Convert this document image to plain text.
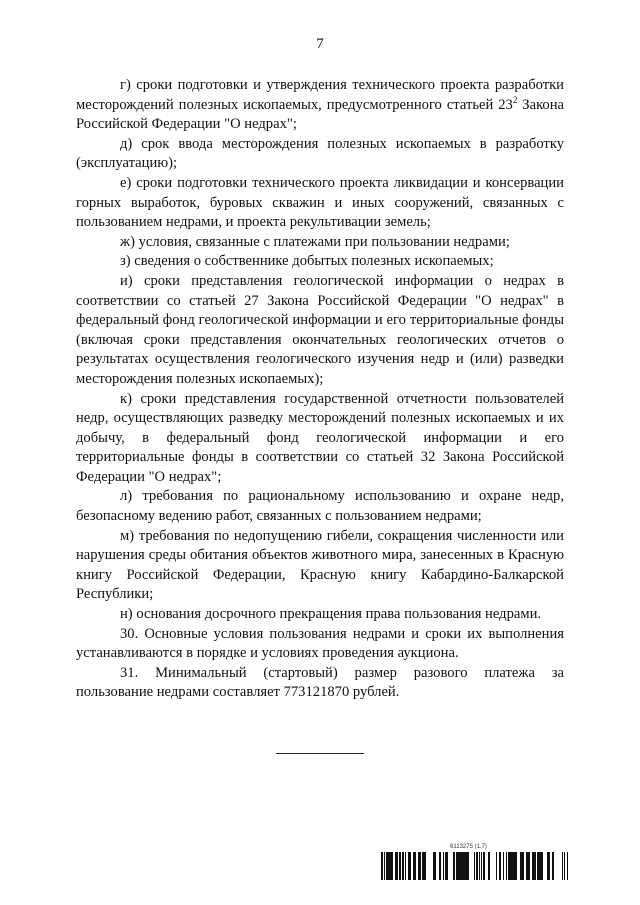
7

г) сроки подготовки и утверждения технического проекта разработки месторождений полезных ископаемых, предусмотренного статьей $23^2$ Закона Российской Федерации "О недрах";

д) срок ввода месторождения полезных ископаемых в разработку (эксплуатацию);

е) сроки подготовки технического проекта ликвидации и консервации горных выработок, буровых скважин и иных сооружений, связанных с пользованием недрами, и проекта рекультивации земель;

ж) условия, связанные с платежами при пользовании недрами;

з) сведения о собственнике добытых полезных ископаемых;

и) сроки представления геологической информации о недрах в соответствии со статьей 27 Закона Российской Федерации "О недрах" в федеральный фонд геологической информации и его территориальные фонды (включая сроки представления окончательных геологических отчетов о результатах осуществления геологического изучения недр и (или) разведки месторождения полезных ископаемых);

к) сроки представления государственной отчетности пользователей недр, осуществляющих разведку месторождений полезных ископаемых и их добычу, в федеральный фонд геологической информации и его территориальные фонды в соответствии со статьей 32 Закона Российской Федерации "О недрах";

л) требования по рациональному использованию и охране недр, безопасному ведению работ, связанных с пользованием недрами;

м) требования по недопущению гибели, сокращения численности или нарушения среды обитания объектов животного мира, занесенных в Красную книгу Российской Федерации, Красную книгу Кабардино-Балкарской Республики;

н) основания досрочного прекращения права пользования недрами.

30. Основные условия пользования недрами и сроки их выполнения устанавливаются в порядке и условиях проведения аукциона.

31. Минимальный (стартовый) размер разового платежа за пользование недрами составляет 773121870 рублей.

6113275 (1.7)
